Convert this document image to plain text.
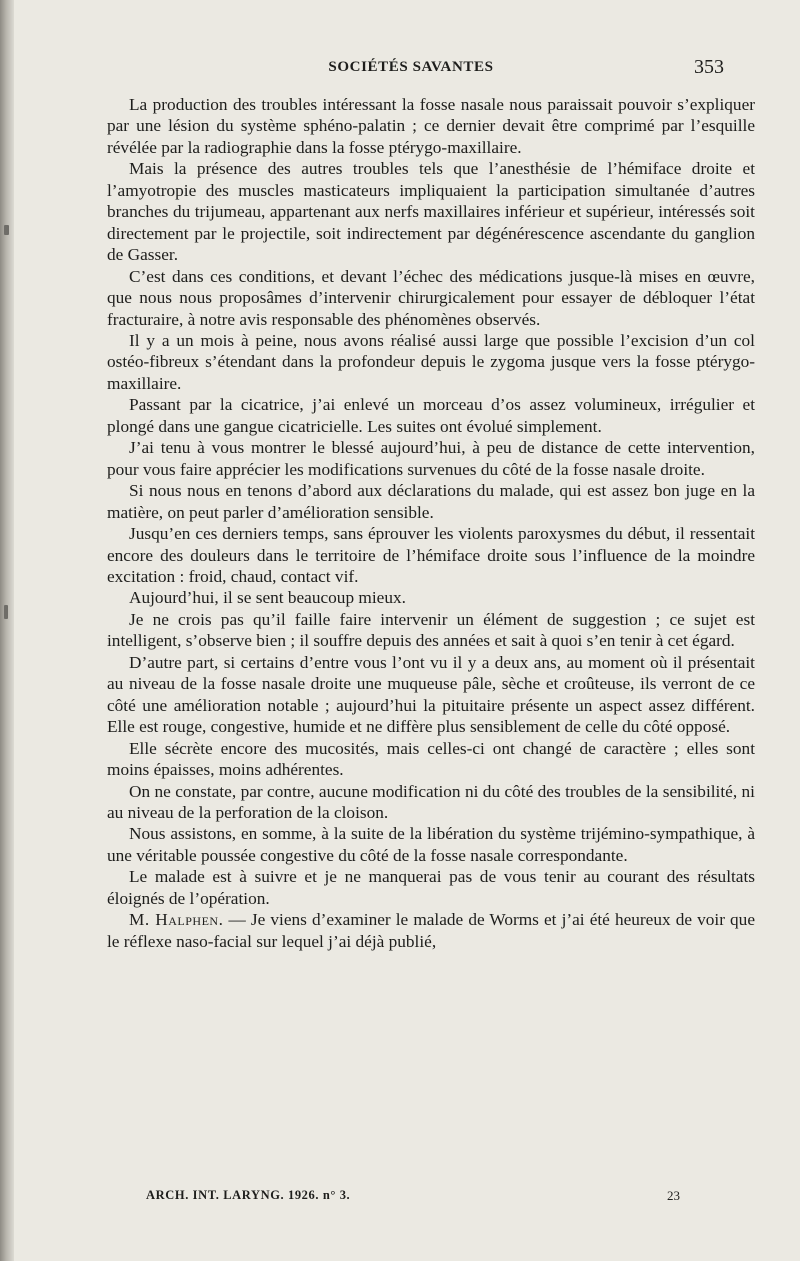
SOCIÉTÉS SAVANTES	353

La production des troubles intéressant la fosse nasale nous paraissait pouvoir s’expliquer par une lésion du système sphéno-palatin ; ce dernier devait être comprimé par l’esquille révélée par la radiographie dans la fosse ptérygo-maxillaire.

Mais la présence des autres troubles tels que l’anesthésie de l’hémiface droite et l’amyotropie des muscles masticateurs impliquaient la participation simultanée d’autres branches du trijumeau, appartenant aux nerfs maxillaires inférieur et supérieur, intéressés soit directement par le projectile, soit indirectement par dégénérescence ascendante du ganglion de Gasser.

C’est dans ces conditions, et devant l’échec des médications jusque-là mises en œuvre, que nous nous proposâmes d’intervenir chirurgicalement pour essayer de débloquer l’état fracturaire, à notre avis responsable des phénomènes observés.

Il y a un mois à peine, nous avons réalisé aussi large que possible l’excision d’un col ostéo-fibreux s’étendant dans la profondeur depuis le zygoma jusque vers la fosse ptérygo-maxillaire.

Passant par la cicatrice, j’ai enlevé un morceau d’os assez volumineux, irrégulier et plongé dans une gangue cicatricielle. Les suites ont évolué simplement.

J’ai tenu à vous montrer le blessé aujourd’hui, à peu de distance de cette intervention, pour vous faire apprécier les modifications survenues du côté de la fosse nasale droite.

Si nous nous en tenons d’abord aux déclarations du malade, qui est assez bon juge en la matière, on peut parler d’amélioration sensible.

Jusqu’en ces derniers temps, sans éprouver les violents paroxysmes du début, il ressentait encore des douleurs dans le territoire de l’hémiface droite sous l’influence de la moindre excitation : froid, chaud, contact vif.

Aujourd’hui, il se sent beaucoup mieux.

Je ne crois pas qu’il faille faire intervenir un élément de suggestion ; ce sujet est intelligent, s’observe bien ; il souffre depuis des années et sait à quoi s’en tenir à cet égard.

D’autre part, si certains d’entre vous l’ont vu il y a deux ans, au moment où il présentait au niveau de la fosse nasale droite une muqueuse pâle, sèche et croûteuse, ils verront de ce côté une amélioration notable ; aujourd’hui la pituitaire présente un aspect assez différent. Elle est rouge, congestive, humide et ne diffère plus sensiblement de celle du côté opposé.

Elle sécrète encore des mucosités, mais celles-ci ont changé de caractère ; elles sont moins épaisses, moins adhérentes.

On ne constate, par contre, aucune modification ni du côté des troubles de la sensibilité, ni au niveau de la perforation de la cloison.

Nous assistons, en somme, à la suite de la libération du système trijémino-sympathique, à une véritable poussée congestive du côté de la fosse nasale correspondante.

Le malade est à suivre et je ne manquerai pas de vous tenir au courant des résultats éloignés de l’opération.

M. Halphen. — Je viens d’examiner le malade de Worms et j’ai été heureux de voir que le réflexe naso-facial sur lequel j’ai déjà publié,

ARCH. INT. LARYNG. 1926. n° 3.	23
